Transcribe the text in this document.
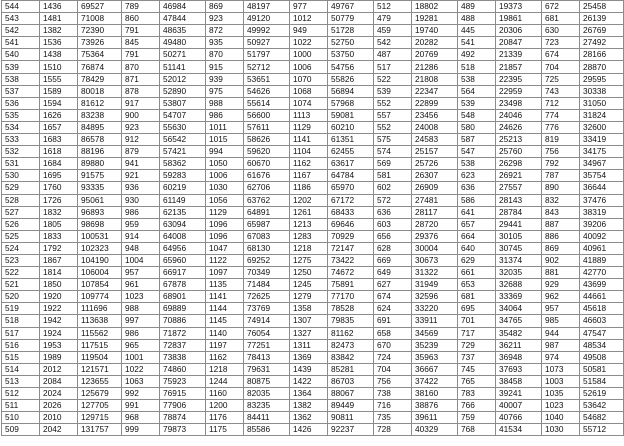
544	1436	69527	789	46984	869	48197	977	49767	512	18802	489	19373	672	25458
543	1481	71008	860	47844	923	49120	1012	50779	479	19281	488	19861	681	26139
542	1382	72390	791	48635	872	49992	949	51728	459	19740	445	20306	630	26769
541	1536	73926	845	49480	935	50927	1022	52750	542	20282	541	20847	723	27492
540	1438	75364	791	50271	870	51797	1000	53750	487	20769	492	21339	674	28166
539	1510	76874	870	51141	915	52712	1006	54756	517	21286	518	21857	704	28870
538	1555	78429	871	52012	939	53651	1070	55826	522	21808	538	22395	725	29595
537	1589	80018	878	52890	975	54626	1068	56894	539	22347	564	22959	743	30338
536	1594	81612	917	53807	988	55614	1074	57968	552	22899	539	23498	712	31050
535	1626	83238	900	54707	986	56600	1113	59081	557	23456	548	24046	774	31824
534	1657	84895	923	55630	1011	57611	1129	60210	552	24008	580	24626	776	32600
533	1683	86578	912	56542	1015	58626	1141	61351	575	24583	587	25213	819	33419
532	1618	88196	879	57421	994	59620	1104	62455	574	25157	547	25760	756	34175
531	1684	89880	941	58362	1050	60670	1162	63617	569	25726	538	26298	792	34967
530	1695	91575	921	59283	1006	61676	1167	64784	581	26307	623	26921	787	35754
529	1760	93335	936	60219	1030	62706	1186	65970	602	26909	636	27557	890	36644
528	1726	95061	930	61149	1056	63762	1202	67172	572	27481	586	28143	832	37476
527	1832	96893	986	62135	1129	64891	1261	68433	636	28117	641	28784	843	38319
526	1805	98698	959	63094	1096	65987	1213	69646	603	28720	657	29441	887	39206
525	1833	100531	914	64008	1096	67083	1283	70929	656	29376	664	30105	886	40092
524	1792	102323	948	64956	1047	68130	1218	72147	628	30004	640	30745	869	40961
523	1867	104190	1004	65960	1122	69252	1275	73422	669	30673	629	31374	902	41889
522	1814	106004	957	66917	1097	70349	1250	74672	649	31322	661	32035	881	42770
521	1850	107854	961	67878	1135	71484	1245	75891	627	31949	653	32688	929	43699
520	1920	109774	1023	68901	1141	72625	1279	77170	674	32596	681	33369	962	44661
519	1922	111696	988	69889	1144	73769	1358	78528	624	33220	695	34064	957	45618
518	1942	113638	997	70886	1145	74914	1307	79835	691	33911	701	34765	985	46603
517	1924	115562	986	71872	1140	76054	1327	81162	658	34569	717	35482	944	47547
516	1953	117515	965	72837	1197	77251	1311	82473	670	35239	729	36211	987	48534
515	1989	119504	1001	73838	1162	78413	1369	83842	724	35963	737	36948	974	49508
514	2012	121571	1022	74860	1218	79631	1439	85281	704	36667	745	37693	1073	50581
513	2084	123655	1063	75923	1244	80875	1422	86703	756	37422	765	38458	1003	51584
512	2024	125679	992	76915	1160	82035	1364	88067	738	38160	783	39241	1035	52619
511	2026	127705	991	77906	1200	83235	1382	89449	716	38876	766	40007	1023	53642
510	2010	129715	968	78874	1176	84411	1362	90811	735	39611	759	40766	1040	54682
509	2042	131757	999	79873	1175	85586	1426	92237	728	40329	768	41534	1030	55712
